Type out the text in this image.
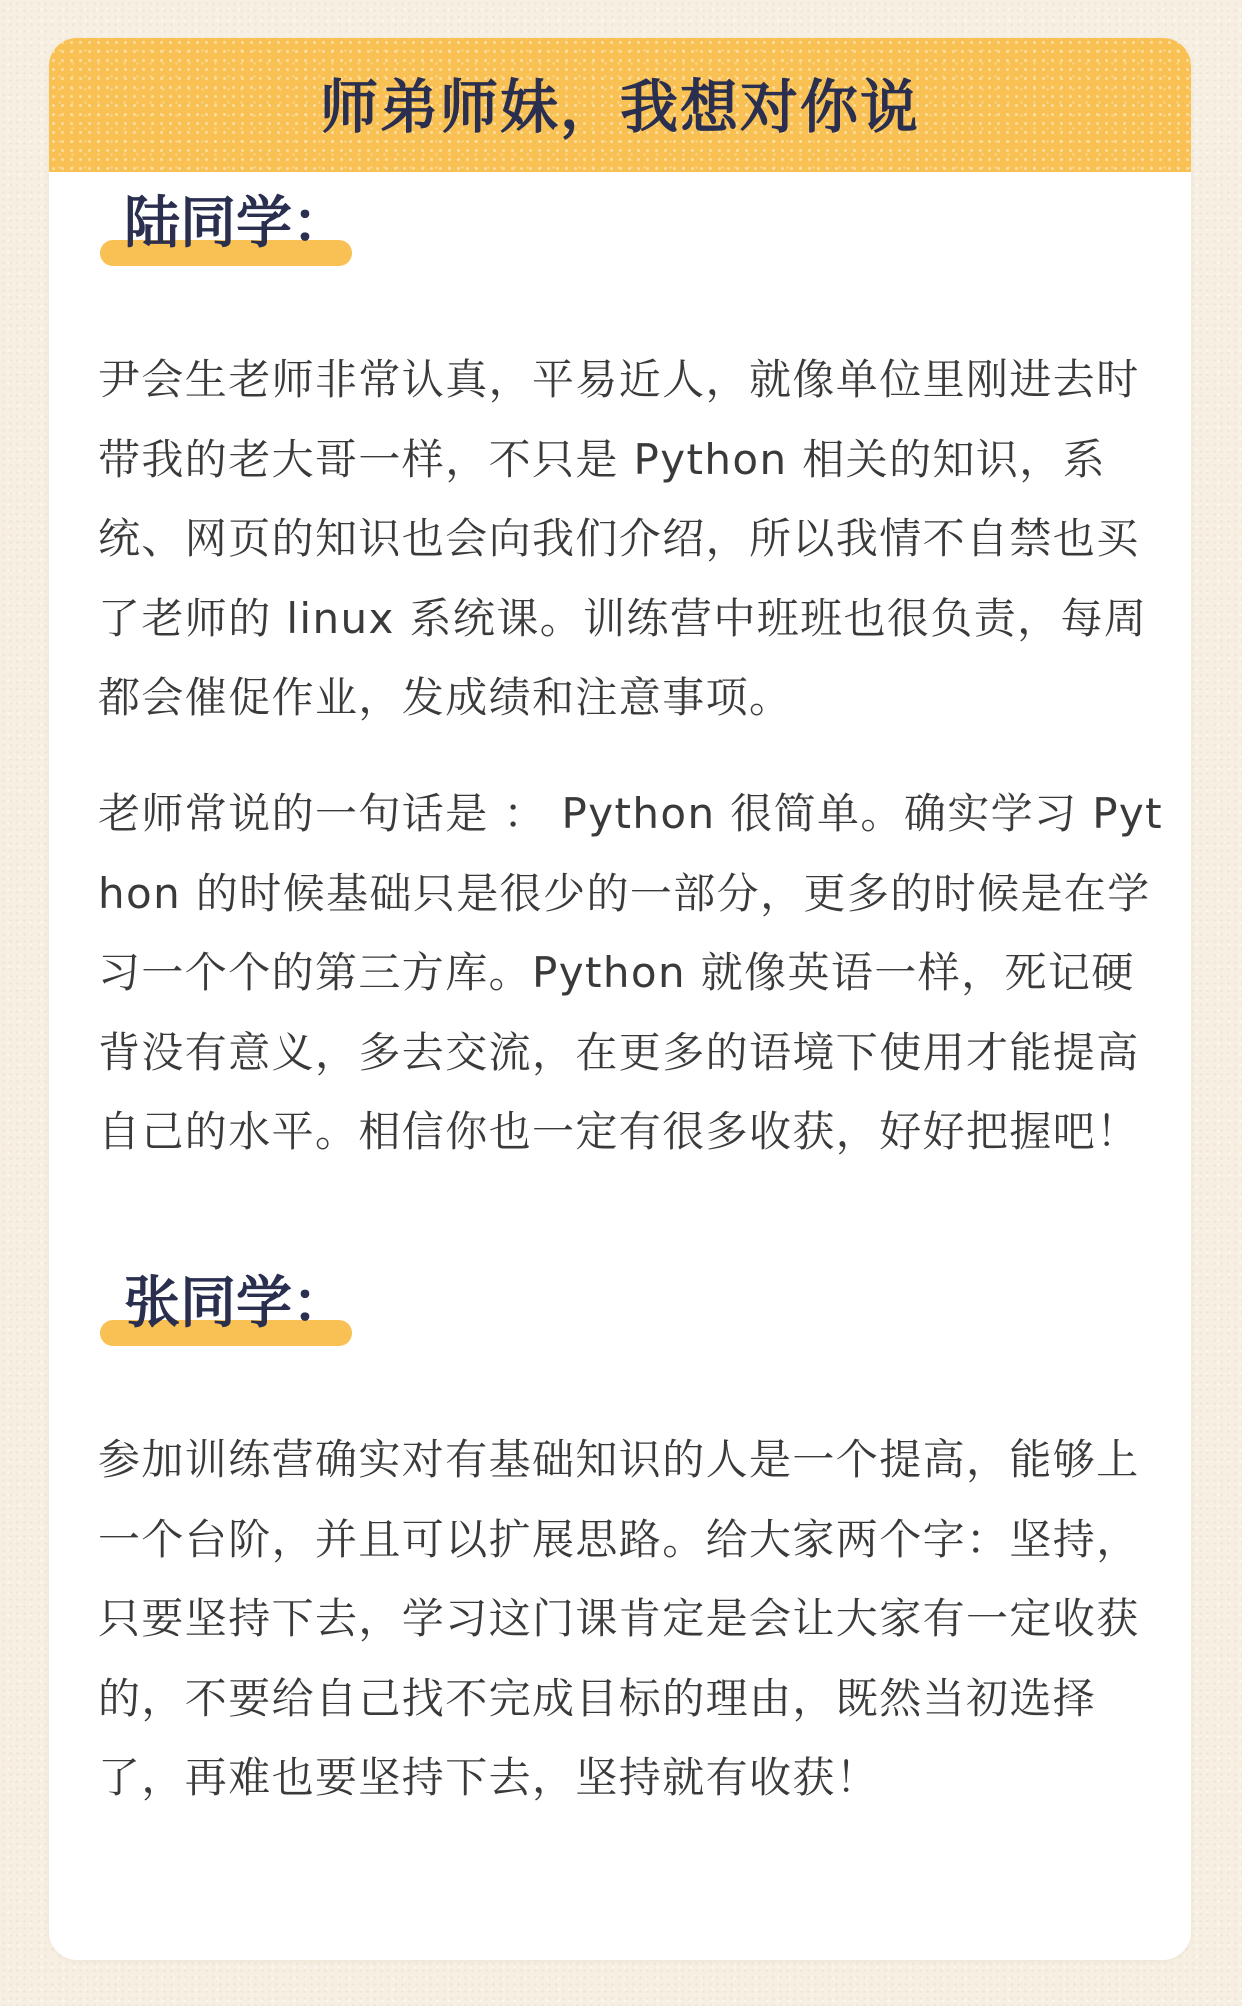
师弟师妹，我想对你说
陆同学：

尹会生老师非常认真，平易近人，就像单位里刚进去时带我的老大哥一样，不只是 Python 相关的知识，系统、网页的知识也会向我们介绍，所以我情不自禁也买了老师的 linux 系统课。训练营中班班也很负责，每周都会催促作业，发成绩和注意事项。

老师常说的一句话是 ： Python 很简单。确实学习 Python 的时候基础只是很少的一部分，更多的时候是在学习一个个的第三方库。Python 就像英语一样，死记硬背没有意义，多去交流，在更多的语境下使用才能提高自己的水平。相信你也一定有很多收获，好好把握吧！

张同学：

参加训练营确实对有基础知识的人是一个提高，能够上一个台阶，并且可以扩展思路。给大家两个字：坚持，只要坚持下去，学习这门课肯定是会让大家有一定收获的，不要给自己找不完成目标的理由，既然当初选择了，再难也要坚持下去，坚持就有收获！
